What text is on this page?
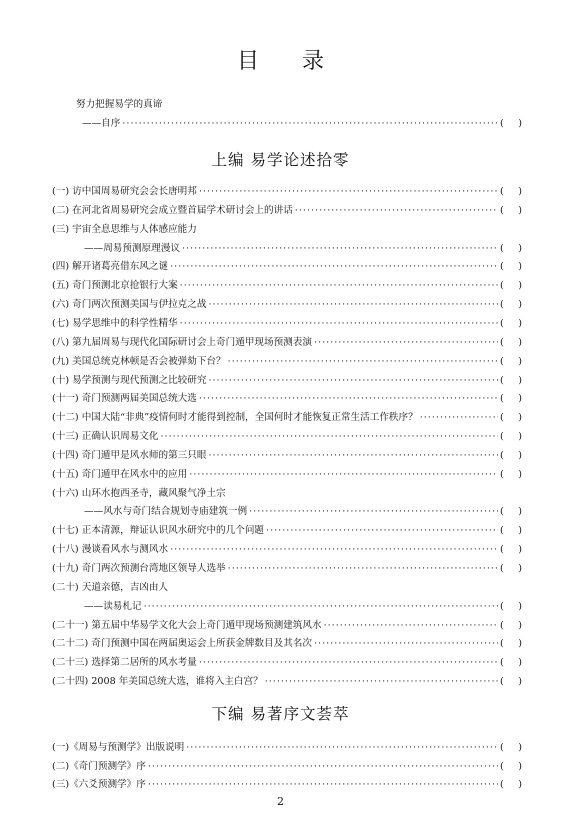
目 录
努力把握易学的真谛
——自序 ·····	( )
上编 易学论述拾零
(一) 访中国周易研究会会长唐明邦 ·····	( )
(二) 在河北省周易研究会成立暨首届学术研讨会上的讲话 ·····	( )
(三) 宇宙全息思维与人体感应能力
——周易预测原理漫议 ·····	( )
(四) 解开诸葛亮借东风之谜 ·····	( )
(五) 奇门预测北京抢银行大案 ·····	( )
(六) 奇门两次预测美国与伊拉克之战 ·····	( )
(七) 易学思维中的科学性精华 ·····	( )
(八) 第九届周易与现代化国际研讨会上奇门遁甲现场预测表演 ·····	( )
(九) 美国总统克林顿是否会被弹劾下台？ ·····	( )
(十) 易学预测与现代预测之比较研究 ·····	( )
(十一) 奇门预测两届美国总统大选 ·····	( )
(十二) 中国大陆“非典”疫情何时才能得到控制，全国何时才能恢复正常生活工作秩序？ ·····	( )
(十三) 正确认识周易文化 ·····	( )
(十四) 奇门遁甲是风水师的第三只眼 ·····	( )
(十五) 奇门遁甲在风水中的应用 ·····	( )
(十六) 山环水抱西圣寺，藏风聚气净土宗
——风水与奇门结合规划寺庙建筑一例 ·····	( )
(十七) 正本清源，辩证认识风水研究中的几个问题 ·····	( )
(十八) 漫谈看风水与测风水 ·····	( )
(十九) 奇门两次预测台湾地区领导人选举 ·····	( )
(二十) 天道亲德，吉凶由人
——读易札记 ·····	( )
(二十一) 第五届中华易学文化大会上奇门遁甲现场预测建筑风水 ·····	( )
(二十二) 奇门预测中国在两届奥运会上所获金牌数目及其名次 ·····	( )
(二十三) 选择第二居所的风水考量 ·····	( )
(二十四) 2008 年美国总统大选，谁将入主白宫？ ·····	( )
下编 易著序文荟萃
(一)《周易与预测学》出版说明 ·····	( )
(二)《奇门预测学》序 ·····	( )
(三)《六爻预测学》序 ·····	( )
2
